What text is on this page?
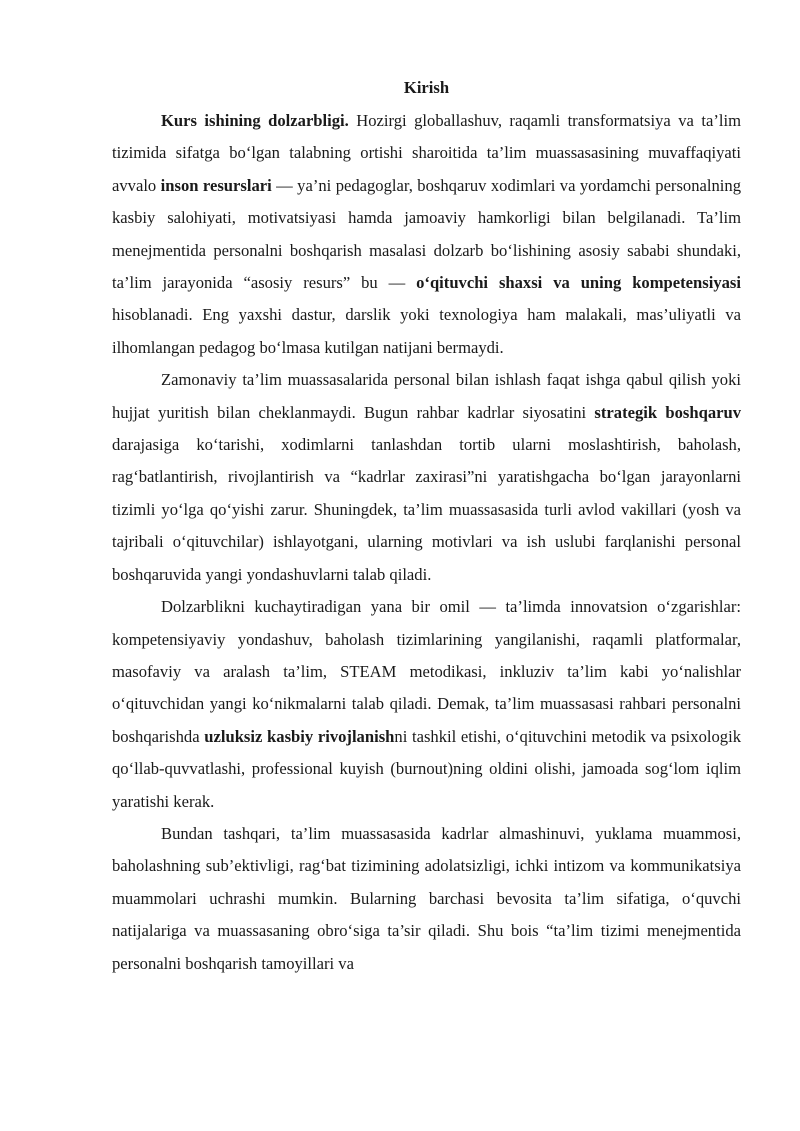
Kirish

Kurs ishining dolzarbligi. Hozirgi globallashuv, raqamli transformatsiya va ta’lim tizimida sifatga bo‘lgan talabning ortishi sharoitida ta’lim muassasasining muvaffaqiyati avvalo inson resurslari — ya’ni pedagoglar, boshqaruv xodimlari va yordamchi personalning kasbiy salohiyati, motivatsiyasi hamda jamoaviy hamkorligi bilan belgilanadi. Ta’lim menejmentida personalni boshqarish masalasi dolzarb bo‘lishining asosiy sababi shundaki, ta’lim jarayonida “asosiy resurs” bu — o‘qituvchi shaxsi va uning kompetensiyasi hisoblanadi. Eng yaxshi dastur, darslik yoki texnologiya ham malakali, mas’uliyatli va ilhomlangan pedagog bo‘lmasa kutilgan natijani bermaydi.

Zamonaviy ta’lim muassasalarida personal bilan ishlash faqat ishga qabul qilish yoki hujjat yuritish bilan cheklanmaydi. Bugun rahbar kadrlar siyosatini strategik boshqaruv darajasiga ko‘tarishi, xodimlarni tanlashdan tortib ularni moslashtirish, baholash, rag‘batlantirish, rivojlantirish va “kadrlar zaxirasi”ni yaratishgacha bo‘lgan jarayonlarni tizimli yo‘lga qo‘yishi zarur. Shuningdek, ta’lim muassasasida turli avlod vakillari (yosh va tajribali o‘qituvchilar) ishlayotgani, ularning motivlari va ish uslubi farqlanishi personal boshqaruvida yangi yondashuvlarni talab qiladi.

Dolzarblikni kuchaytiradigan yana bir omil — ta’limda innovatsion o‘zgarishlar: kompetensiyaviy yondashuv, baholash tizimlarining yangilanishi, raqamli platformalar, masofaviy va aralash ta’lim, STEAM metodikasi, inkluziv ta’lim kabi yo‘nalishlar o‘qituvchidan yangi ko‘nikmalarni talab qiladi. Demak, ta’lim muassasasi rahbari personalni boshqarishda uzluksiz kasbiy rivojlanishni tashkil etishi, o‘qituvchini metodik va psixologik qo‘llab-quvvatlashi, professional kuyish (burnout)ning oldini olishi, jamoada sog‘lom iqlim yaratishi kerak.

Bundan tashqari, ta’lim muassasasida kadrlar almashinuvi, yuklama muammosi, baholashning sub’ektivligi, rag‘bat tizimining adolatsizligi, ichki intizom va kommunikatsiya muammolari uchrashi mumkin. Bularning barchasi bevosita ta’lim sifatiga, o‘quvchi natijalariga va muassasaning obro‘siga ta’sir qiladi. Shu bois “ta’lim tizimi menejmentida personalni boshqarish tamoyillari va
